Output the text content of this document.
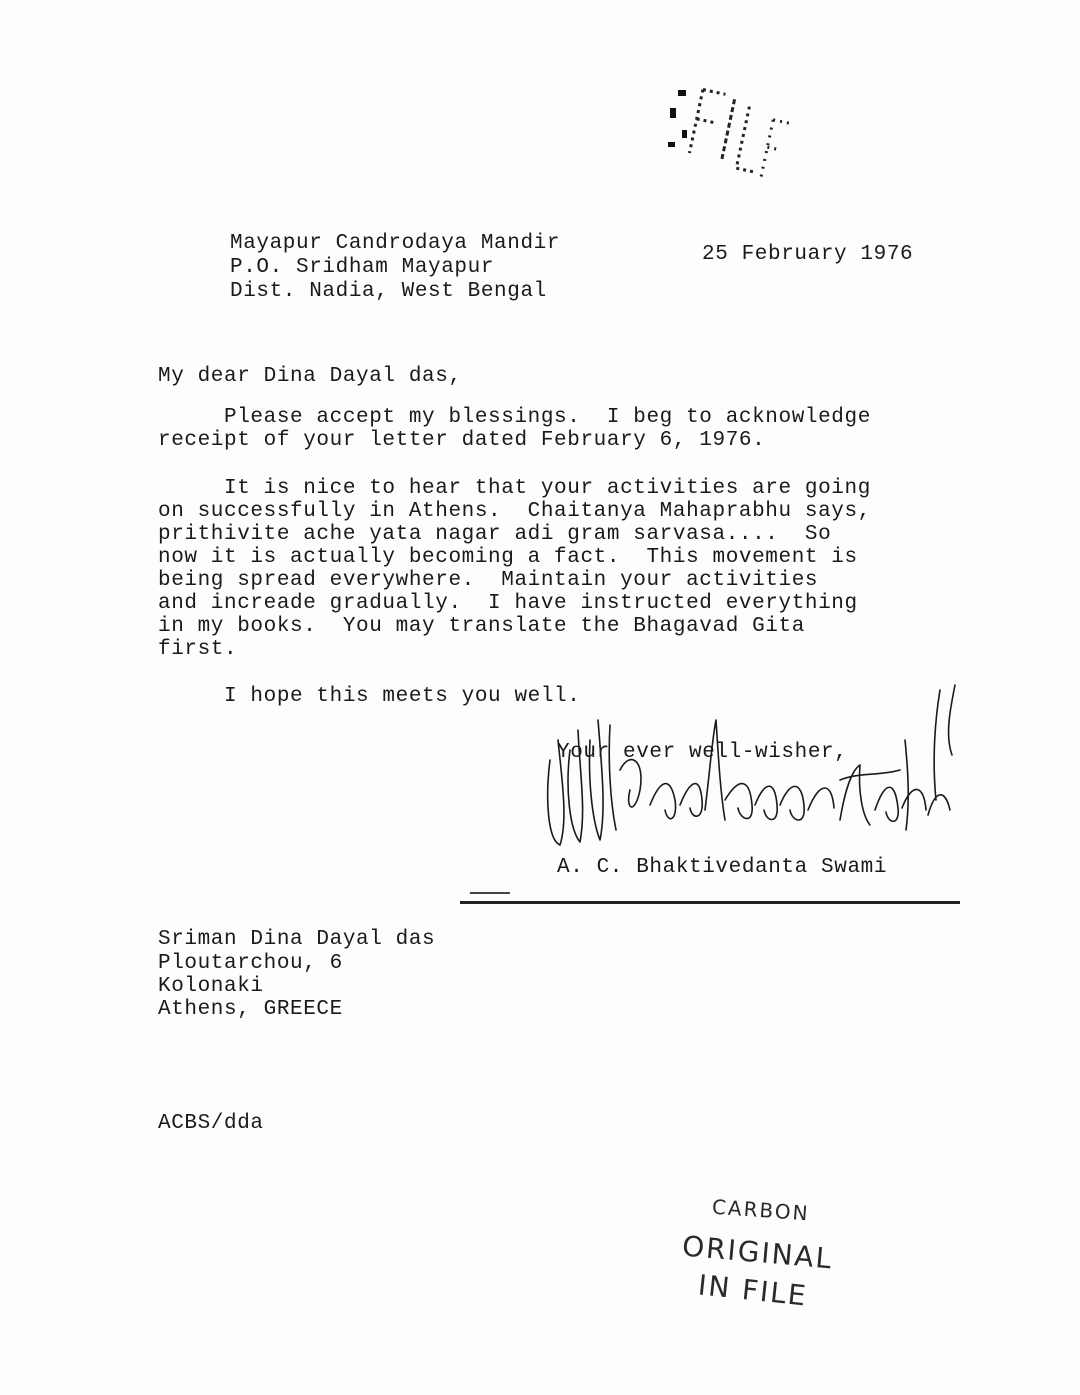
Mayapur Candrodaya Mandir
P.O. Sridham Mayapur
Dist. Nadia, West Bengal
25 February 1976
My dear Dina Dayal das,
Please accept my blessings.  I beg to acknowledge
receipt of your letter dated February 6, 1976.
It is nice to hear that your activities are going
on successfully in Athens.  Chaitanya Mahaprabhu says,
prithivite ache yata nagar adi gram sarvasa....  So
now it is actually becoming a fact.  This movement is
being spread everywhere.  Maintain your activities
and increade gradually.  I have instructed everything
in my books.  You may translate the Bhagavad Gita
first.
I hope this meets you well.
Your ever well-wisher,
A. C. Bhaktivedanta Swami
Sriman Dina Dayal das
Ploutarchou, 6
Kolonaki
Athens, GREECE
ACBS/dda
CARBON
ORIGINAL
IN FILE
